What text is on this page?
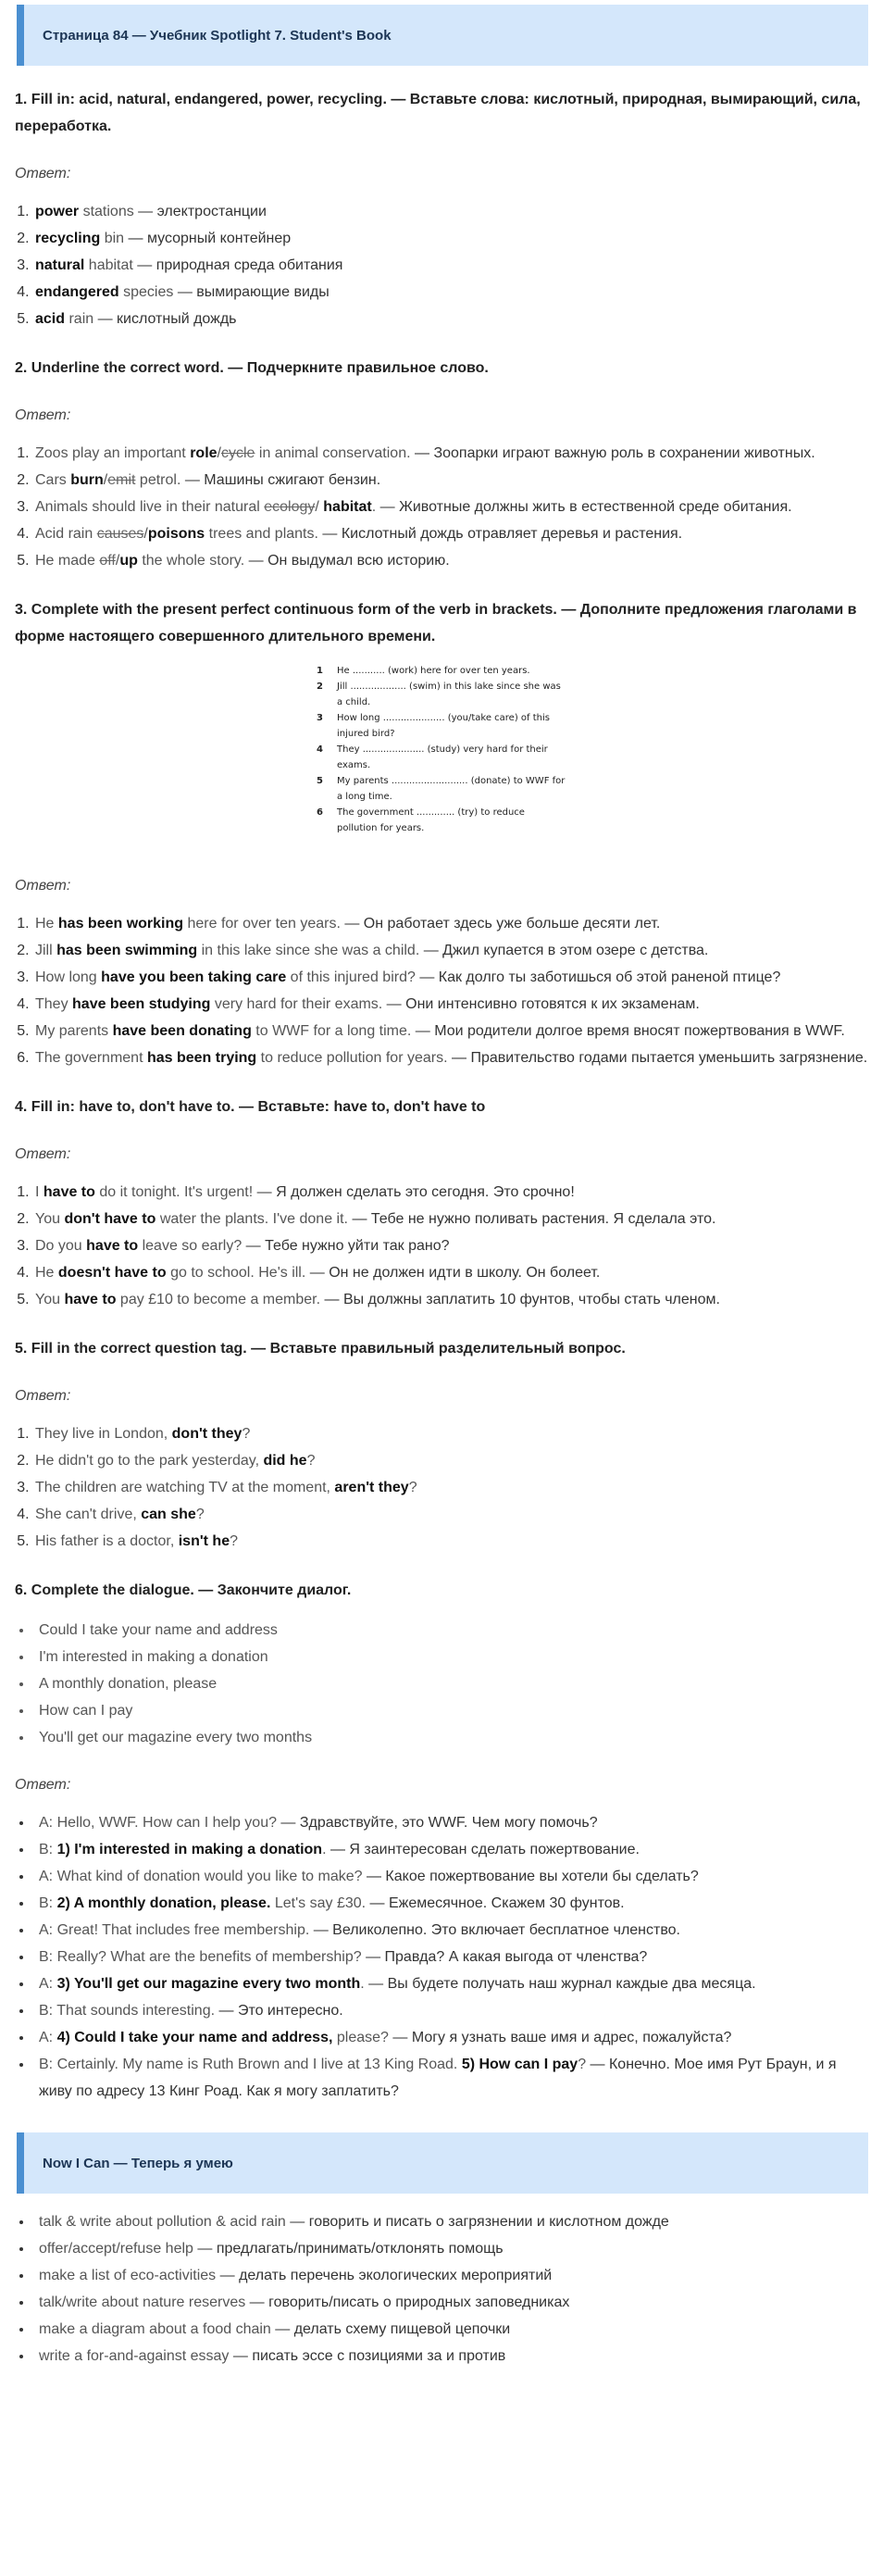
Страница 84 — Учебник Spotlight 7. Student's Book
1. Fill in: acid, natural, endangered, power, recycling. — Вставьте слова: кислотный, природная, вымирающий, сила, переработка.
Ответ:
1. power stations — электростанции
2. recycling bin — мусорный контейнер
3. natural habitat — природная среда обитания
4. endangered species — вымирающие виды
5. acid rain — кислотный дождь
2. Underline the correct word. — Подчеркните правильное слово.
Ответ:
1. Zoos play an important role/cycle in animal conservation. — Зоопарки играют важную роль в сохранении животных.
2. Cars burn/emit petrol. — Машины сжигают бензин.
3. Animals should live in their natural ecology/ habitat. — Животные должны жить в естественной среде обитания.
4. Acid rain causes/poisons trees and plants. — Кислотный дождь отравляет деревья и растения.
5. He made off/up the whole story. — Он выдумал всю историю.
3. Complete with the present perfect continuous form of the verb in brackets. — Дополните предложения глаголами в форме настоящего совершенного длительного времени.
1	He ........... (work) here for over ten years.
2	Jill ................... (swim) in this lake since she was a child.
3	How long ..................... (you/take care) of this injured bird?
4	They ..................... (study) very hard for their exams.
5	My parents .......................... (donate) to WWF for a long time.
6	The government ............. (try) to reduce pollution for years.
Ответ:
1. He has been working here for over ten years. — Он работает здесь уже больше десяти лет.
2. Jill has been swimming in this lake since she was a child. — Джил купается в этом озере с детства.
3. How long have you been taking care of this injured bird? — Как долго ты заботишься об этой раненой птице?
4. They have been studying very hard for their exams. — Они интенсивно готовятся к их экзаменам.
5. My parents have been donating to WWF for a long time. — Мои родители долгое время вносят пожертвования в WWF.
6. The government has been trying to reduce pollution for years. — Правительство годами пытается уменьшить загрязнение.
4. Fill in: have to, don't have to. — Вставьте: have to, don't have to
Ответ:
1. I have to do it tonight. It's urgent! — Я должен сделать это сегодня. Это срочно!
2. You don't have to water the plants. I've done it. — Тебе не нужно поливать растения. Я сделала это.
3. Do you have to leave so early? — Тебе нужно уйти так рано?
4. He doesn't have to go to school. He's ill. — Он не должен идти в школу. Он болеет.
5. You have to pay £10 to become a member. — Вы должны заплатить 10 фунтов, чтобы стать членом.
5. Fill in the correct question tag. — Вставьте правильный разделительный вопрос.
Ответ:
1. They live in London, don't they?
2. He didn't go to the park yesterday, did he?
3. The children are watching TV at the moment, aren't they?
4. She can't drive, can she?
5. His father is a doctor, isn't he?
6. Complete the dialogue. — Закончите диалог.
• Could I take your name and address
• I'm interested in making a donation
• A monthly donation, please
• How can I pay
• You'll get our magazine every two months
Ответ:
• A: Hello, WWF. How can I help you? — Здравствуйте, это WWF. Чем могу помочь?
• B: 1) I'm interested in making a donation. — Я заинтересован сделать пожертвование.
• A: What kind of donation would you like to make? — Какое пожертвование вы хотели бы сделать?
• B: 2) A monthly donation, please. Let's say £30. — Ежемесячное. Скажем 30 фунтов.
• A: Great! That includes free membership. — Великолепно. Это включает бесплатное членство.
• B: Really? What are the benefits of membership? — Правда? А какая выгода от членства?
• A: 3) You'll get our magazine every two month. — Вы будете получать наш журнал каждые два месяца.
• B: That sounds interesting. — Это интересно.
• A: 4) Could I take your name and address, please? — Могу я узнать ваше имя и адрес, пожалуйста?
• B: Certainly. My name is Ruth Brown and I live at 13 King Road. 5) How can I pay? — Конечно. Мое имя Рут Браун, и я живу по адресу 13 Кинг Роад. Как я могу заплатить?
Now I Can — Теперь я умею
• talk & write about pollution & acid rain — говорить и писать о загрязнении и кислотном дожде
• offer/accept/refuse help — предлагать/принимать/отклонять помощь
• make a list of eco-activities — делать перечень экологических мероприятий
• talk/write about nature reserves — говорить/писать о природных заповедниках
• make a diagram about a food chain — делать схему пищевой цепочки
• write a for-and-against essay — писать эссе с позициями за и против
